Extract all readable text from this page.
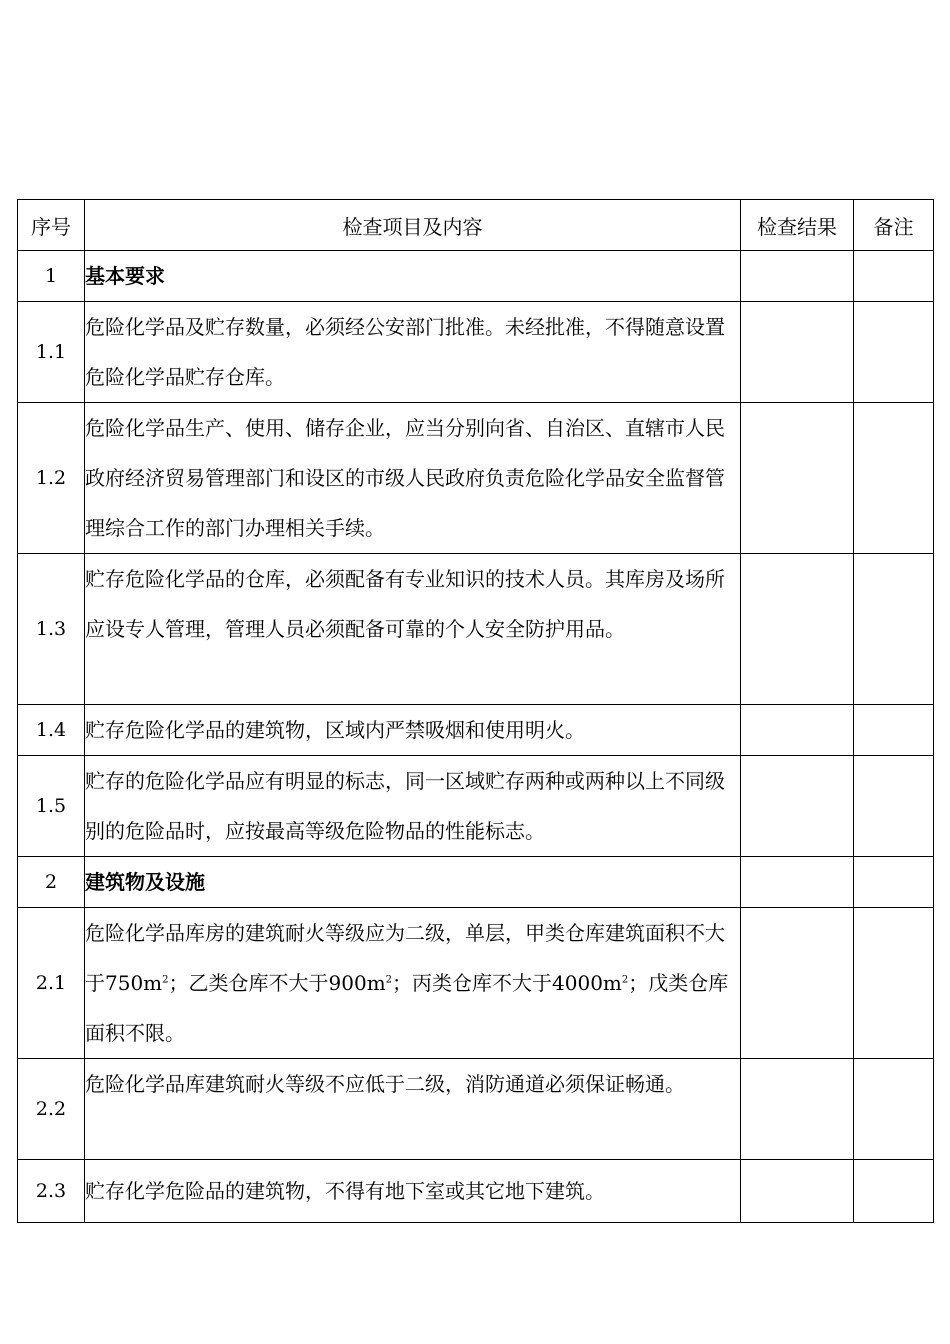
序号	检查项目及内容	检查结果	备注
1	基本要求		
1.1	危险化学品及贮存数量，必须经公安部门批准。未经批准，不得随意设置危险化学品贮存仓库。		
1.2	危险化学品生产、使用、储存企业，应当分别向省、自治区、直辖市人民政府经济贸易管理部门和设区的市级人民政府负责危险化学品安全监督管理综合工作的部门办理相关手续。		
1.3	贮存危险化学品的仓库，必须配备有专业知识的技术人员。其库房及场所应设专人管理，管理人员必须配备可靠的个人安全防护用品。		
1.4	贮存危险化学品的建筑物，区域内严禁吸烟和使用明火。		
1.5	贮存的危险化学品应有明显的标志，同一区域贮存两种或两种以上不同级别的危险品时，应按最高等级危险物品的性能标志。		
2	建筑物及设施		
2.1	危险化学品库房的建筑耐火等级应为二级，单层，甲类仓库建筑面积不大于$750m^2$；乙类仓库不大于$900m^2$；丙类仓库不大于$4000m^2$；戊类仓库面积不限。		
2.2	危险化学品库建筑耐火等级不应低于二级，消防通道必须保证畅通。		
2.3	贮存化学危险品的建筑物，不得有地下室或其它地下建筑。		
